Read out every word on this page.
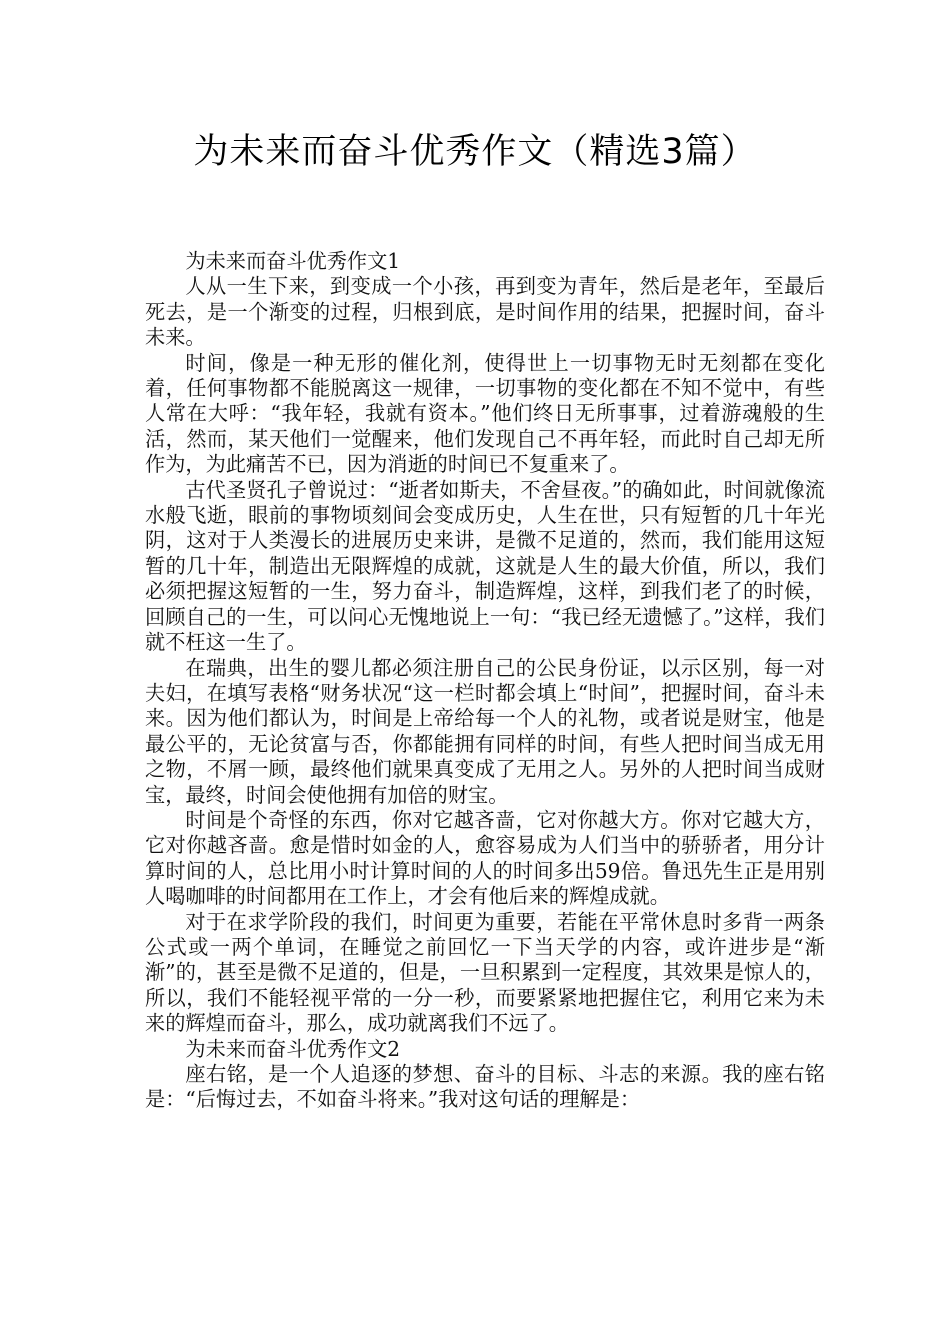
为未来而奋斗优秀作文（精选3篇）
为未来而奋斗优秀作文1

人从一生下来，到变成一个小孩，再到变为青年，然后是老年，至最后死去，是一个渐变的过程，归根到底，是时间作用的结果，把握时间，奋斗未来。

时间，像是一种无形的催化剂，使得世上一切事物无时无刻都在变化着，任何事物都不能脱离这一规律，一切事物的变化都在不知不觉中，有些人常在大呼：“我年轻，我就有资本。”他们终日无所事事，过着游魂般的生活，然而，某天他们一觉醒来，他们发现自己不再年轻，而此时自己却无所作为，为此痛苦不已，因为消逝的时间已不复重来了。

古代圣贤孔子曾说过：“逝者如斯夫，不舍昼夜。”的确如此，时间就像流水般飞逝，眼前的事物顷刻间会变成历史，人生在世，只有短暂的几十年光阴，这对于人类漫长的进展历史来讲，是微不足道的，然而，我们能用这短暂的几十年，制造出无限辉煌的成就，这就是人生的最大价值，所以，我们必须把握这短暂的一生，努力奋斗，制造辉煌，这样，到我们老了的时候，回顾自己的一生，可以问心无愧地说上一句：“我已经无遗憾了。”这样，我们就不枉这一生了。

在瑞典，出生的婴儿都必须注册自己的公民身份证，以示区别，每一对夫妇，在填写表格“财务状况“这一栏时都会填上“时间”，把握时间，奋斗未来。因为他们都认为，时间是上帝给每一个人的礼物，或者说是财宝，他是最公平的，无论贫富与否，你都能拥有同样的时间，有些人把时间当成无用之物，不屑一顾，最终他们就果真变成了无用之人。另外的人把时间当成财宝，最终，时间会使他拥有加倍的财宝。

时间是个奇怪的东西，你对它越吝啬，它对你越大方。你对它越大方，它对你越吝啬。愈是惜时如金的人，愈容易成为人们当中的骄骄者，用分计算时间的人，总比用小时计算时间的人的时间多出59倍。鲁迅先生正是用别人喝咖啡的时间都用在工作上，才会有他后来的辉煌成就。

对于在求学阶段的我们，时间更为重要，若能在平常休息时多背一两条公式或一两个单词，在睡觉之前回忆一下当天学的内容，或许进步是“渐渐”的，甚至是微不足道的，但是，一旦积累到一定程度，其效果是惊人的，所以，我们不能轻视平常的一分一秒，而要紧紧地把握住它，利用它来为未来的辉煌而奋斗，那么，成功就离我们不远了。

为未来而奋斗优秀作文2

座右铭，是一个人追逐的梦想、奋斗的目标、斗志的来源。我的座右铭是：“后悔过去，不如奋斗将来。”我对这句话的理解是：
